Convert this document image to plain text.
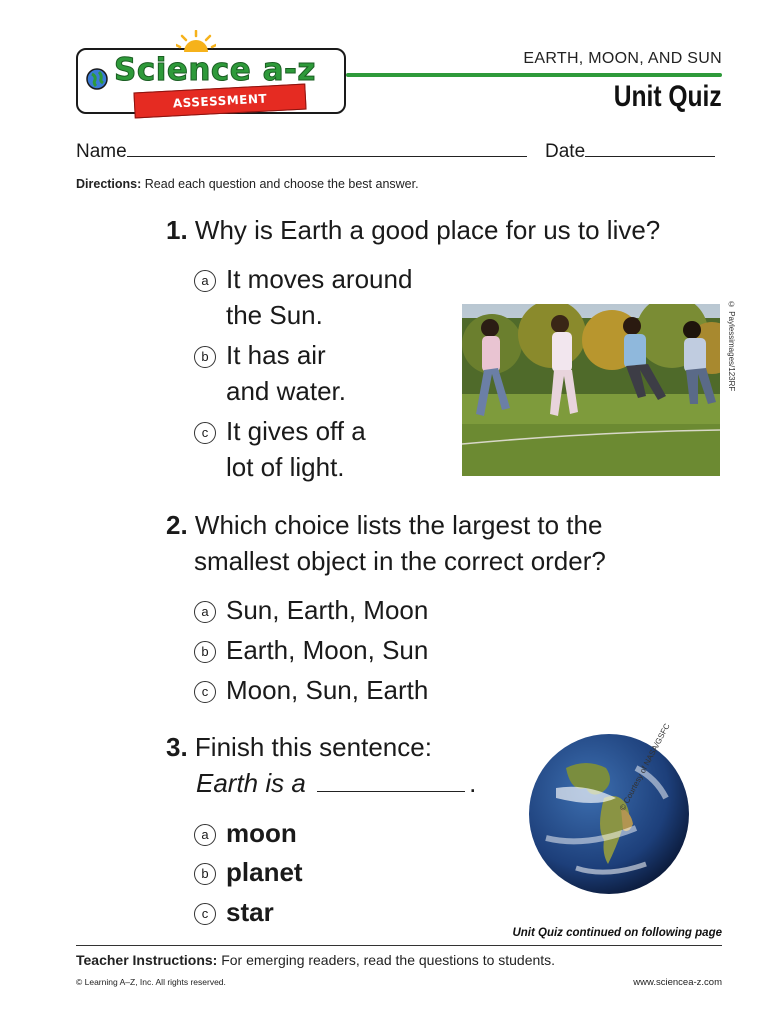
Science a-z
ASSESSMENT
EARTH, MOON, AND SUN
Unit Quiz
Name	Date
Directions: Read each question and choose the best answer.
1. Why is Earth a good place for us to live?
a It moves around
the Sun.
b It has air
and water.
c It gives off a
lot of light.
© Paylessimages/123RF
2. Which choice lists the largest to the
smallest object in the correct order?
a Sun, Earth, Moon
b Earth, Moon, Sun
c Moon, Sun, Earth
3. Finish this sentence:
Earth is a	.
a moon
b planet
c star
© Courtesy of NASA/GSFC
Unit Quiz continued on following page
Teacher Instructions: For emerging readers, read the questions to students.
© Learning A–Z, Inc. All rights reserved.	www.sciencea-z.com
